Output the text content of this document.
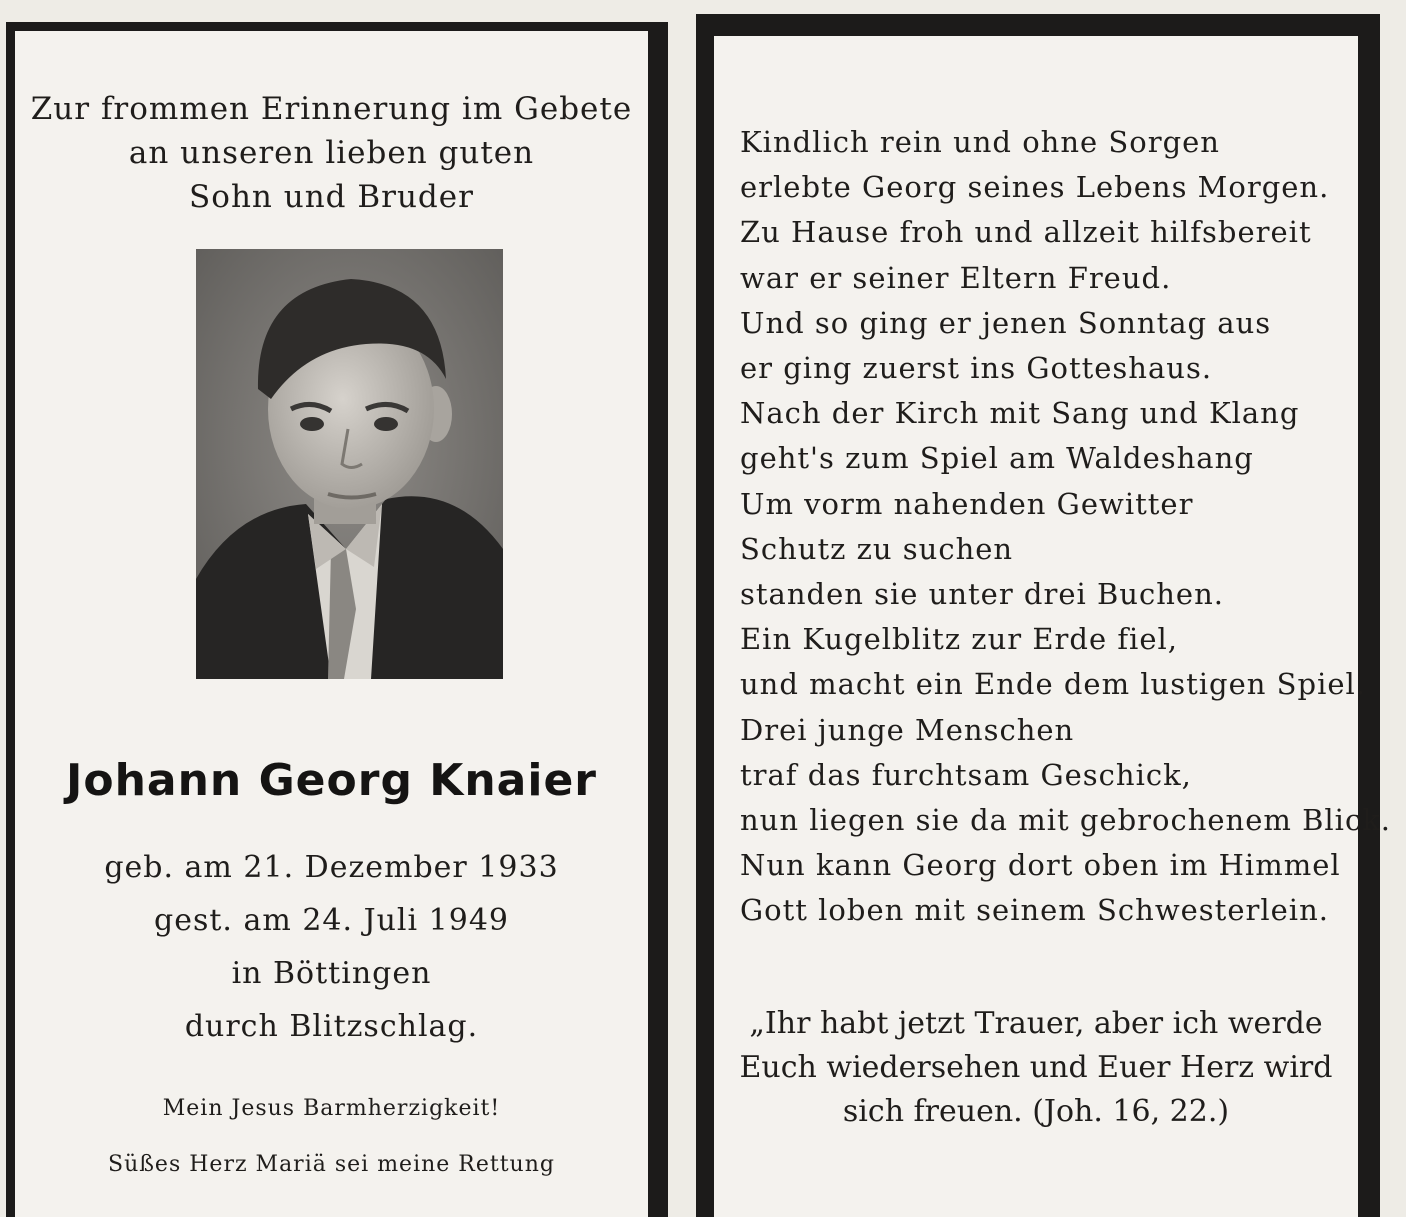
Zur frommen Erinnerung im Gebete
an unseren lieben guten
Sohn und Bruder
Johann Georg Knaier
geb. am 21. Dezember 1933
gest. am 24. Juli 1949
in Böttingen
durch Blitzschlag.
Mein Jesus Barmherzigkeit!
Süßes Herz Mariä sei meine Rettung
Kindlich rein und ohne Sorgen
erlebte Georg seines Lebens Morgen.
Zu Hause froh und allzeit hilfsbereit
war er seiner Eltern Freud.
Und so ging er jenen Sonntag aus
er ging zuerst ins Gotteshaus.
Nach der Kirch mit Sang und Klang
geht's zum Spiel am Waldeshang
Um vorm nahenden Gewitter
Schutz zu suchen
standen sie unter drei Buchen.
Ein Kugelblitz zur Erde fiel,
und macht ein Ende dem lustigen Spiel.
Drei junge Menschen
traf das furchtsam Geschick,
nun liegen sie da mit gebrochenem Blick.
Nun kann Georg dort oben im Himmel
Gott loben mit seinem Schwesterlein.
„Ihr habt jetzt Trauer, aber ich werde
Euch wiedersehen und Euer Herz wird
sich freuen. (Joh. 16, 22.)
